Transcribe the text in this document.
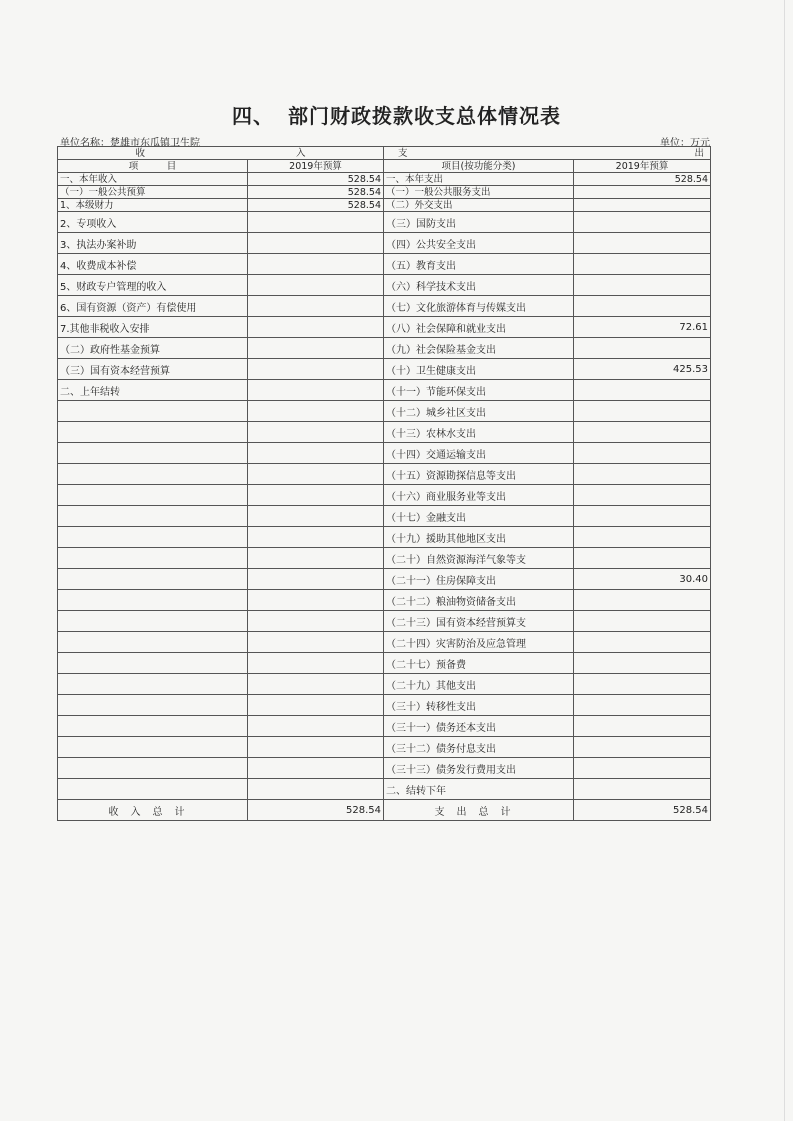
四、 部门财政拨款收支总体情况表
单位名称：楚雄市东瓜镇卫生院	单位：万元
收 入		支 出	

项　　　目	2019年预算	项目(按功能分类)	2019年预算
一、本年收入	528.54	一、本年支出	528.54
（一）一般公共预算	528.54	（一）一般公共服务支出	
1、本级财力	528.54	（二）外交支出	
2、专项收入		（三）国防支出	
3、执法办案补助		（四）公共安全支出	
4、收费成本补偿		（五）教育支出	
5、财政专户管理的收入		（六）科学技术支出	
6、国有资源（资产）有偿使用		（七）文化旅游体育与传媒支出	
7.其他非税收入安排		（八）社会保障和就业支出	72.61
（二）政府性基金预算		（九）社会保险基金支出	
（三）国有资本经营预算		（十）卫生健康支出	425.53
二、上年结转		（十一）节能环保支出	
		（十二）城乡社区支出	
		（十三）农林水支出	
		（十四）交通运输支出	
		（十五）资源勘探信息等支出	
		（十六）商业服务业等支出	
		（十七）金融支出	
		（十九）援助其他地区支出	
		（二十）自然资源海洋气象等支	
		（二十一）住房保障支出	30.40
		（二十二）粮油物资储备支出	
		（二十三）国有资本经营预算支	
		（二十四）灾害防治及应急管理	
		（二十七）预备费	
		（二十九）其他支出	
		（三十）转移性支出	
		（三十一）债务还本支出	
		（三十二）债务付息支出	
		（三十三）债务发行费用支出	
		二、结转下年	
收入总计	528.54	支出总计	528.54
